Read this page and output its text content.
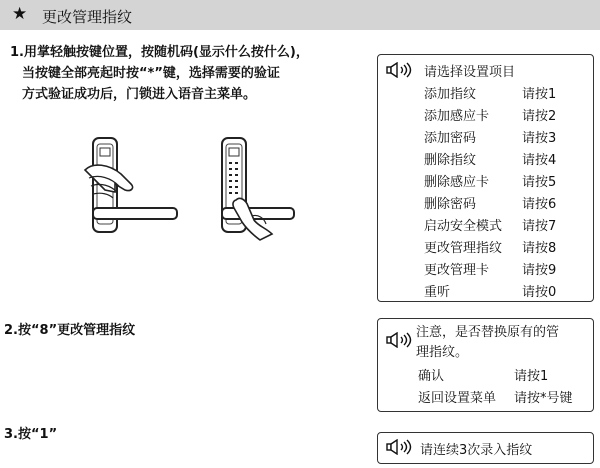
★ 更改管理指纹
1.用掌轻触按键位置，按随机码(显示什么按什么)，
当按键全部亮起时按“*”键，选择需要的验证
方式验证成功后，门锁进入语音主菜单。
请选择设置项目
添加指纹	请按1
添加感应卡	请按2
添加密码	请按3
删除指纹	请按4
删除感应卡	请按5
删除密码	请按6
启动安全模式 请按7
更改管理指纹 请按8
更改管理卡	请按9
重听	请按0
2.按“8”更改管理指纹	注意，是否替换原有的管
理指纹。
确认	请按1
返回设置菜单 请按*号键
3.按“1”
请连续3次录入指纹
